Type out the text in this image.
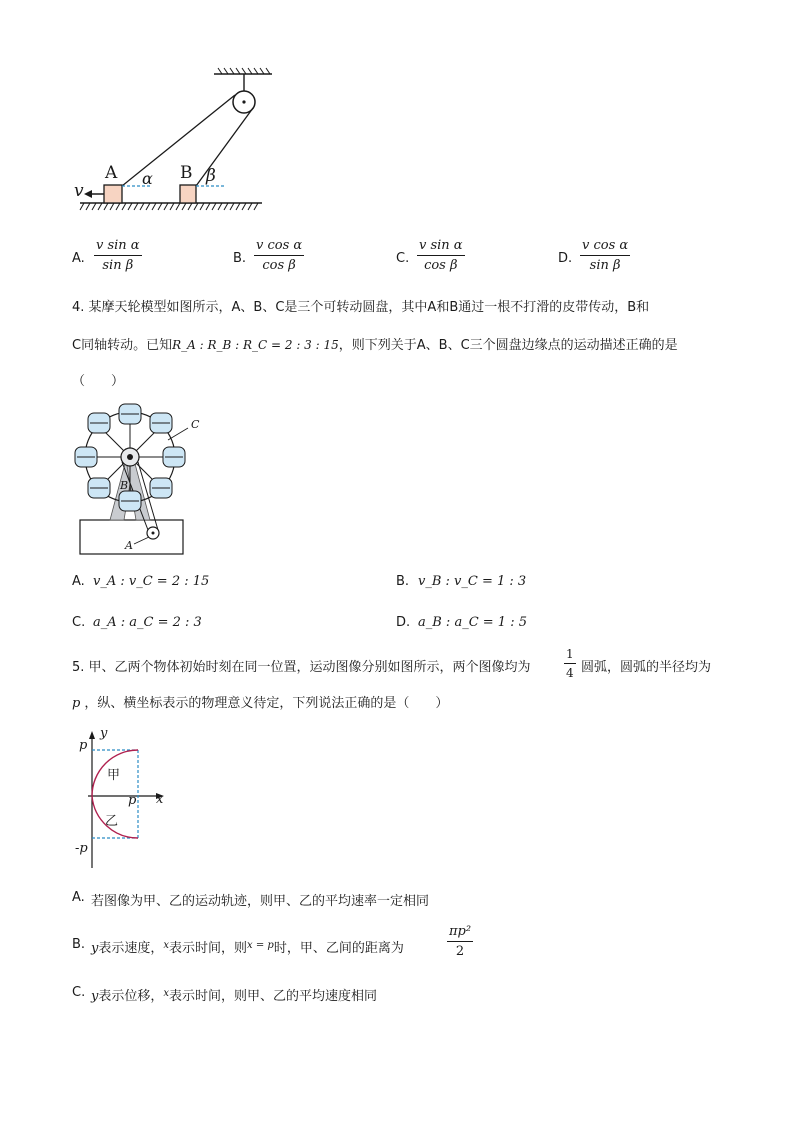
A	B
v
α	β
A.
v sin α
sin β	B.
v cos α
cos β	C.
v sin α
cos β	D.
v cos α
sin β
4. 某摩天轮模型如图所示，A、B、C是三个可转动圆盘，其中A和B通过一根不打滑的皮带传动，B和
C同轴转动。已知R_A : R_B : R_C = 2 : 3 : 15，则下列关于A、B、C三个圆盘边缘点的运动描述正确的是
（　　）
C
B
A
A. v_A : v_C = 2 : 15	B. v_B : v_C = 1 : 3
C. a_A : a_C = 2 : 3	D. a_B : a_C = 1 : 5
5. 甲、乙两个物体初始时刻在同一位置，运动图像分别如图所示，两个图像均为
1
4 圆弧，圆弧的半径均为
p ，纵、横坐标表示的物理意义待定，下列说法正确的是（　　）
y
x
p
p
-p
甲
乙
A. 若图像为甲、乙的运动轨迹，则甲、乙的平均速率一定相同
B. y表示速度，$^x$表示时间，则$^{x = p}$时，甲、乙间的距离为
πp²
2
C. y表示位移，$^x$表示时间，则甲、乙的平均速度相同
